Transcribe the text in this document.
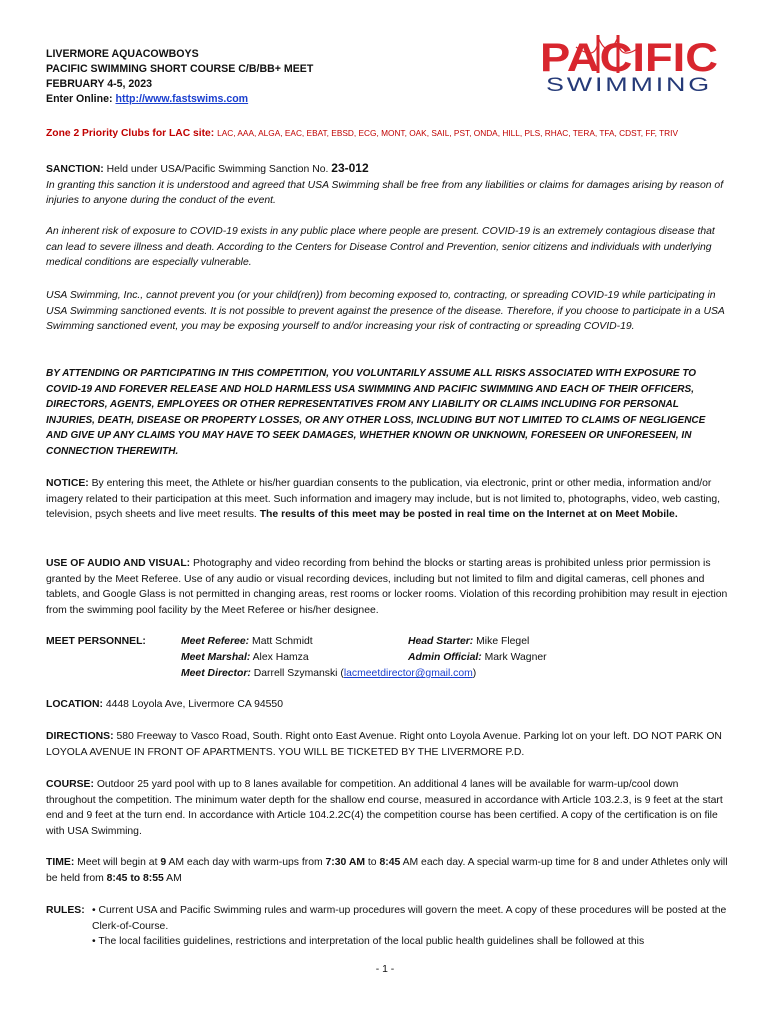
LIVERMORE AQUACOWBOYS
PACIFIC SWIMMING SHORT COURSE C/B/BB+ MEET
FEBRUARY 4-5, 2023
Enter Online: http://www.fastswims.com
PACIFIC
SWIMMING
Zone 2 Priority Clubs for LAC site: LAC, AAA, ALGA, EAC, EBAT, EBSD, ECG, MONT, OAK, SAIL, PST, ONDA, HILL, PLS, RHAC, TERA, TFA, CDST, FF, TRIV
SANCTION: Held under USA/Pacific Swimming Sanction No. 23-012
In granting this sanction it is understood and agreed that USA Swimming shall be free from any liabilities or claims for damages arising by reason of injuries to anyone during the conduct of the event.
An inherent risk of exposure to COVID-19 exists in any public place where people are present. COVID-19 is an extremely contagious disease that can lead to severe illness and death. According to the Centers for Disease Control and Prevention, senior citizens and individuals with underlying medical conditions are especially vulnerable.
USA Swimming, Inc., cannot prevent you (or your child(ren)) from becoming exposed to, contracting, or spreading COVID-19 while participating in USA Swimming sanctioned events. It is not possible to prevent against the presence of the disease. Therefore, if you choose to participate in a USA Swimming sanctioned event, you may be exposing yourself to and/or increasing your risk of contracting or spreading COVID-19.
BY ATTENDING OR PARTICIPATING IN THIS COMPETITION, YOU VOLUNTARILY ASSUME ALL RISKS ASSOCIATED WITH EXPOSURE TO COVID-19 AND FOREVER RELEASE AND HOLD HARMLESS USA SWIMMING AND PACIFIC SWIMMING AND EACH OF THEIR OFFICERS, DIRECTORS, AGENTS, EMPLOYEES OR OTHER REPRESENTATIVES FROM ANY LIABILITY OR CLAIMS INCLUDING FOR PERSONAL INJURIES, DEATH, DISEASE OR PROPERTY LOSSES, OR ANY OTHER LOSS, INCLUDING BUT NOT LIMITED TO CLAIMS OF NEGLIGENCE AND GIVE UP ANY CLAIMS YOU MAY HAVE TO SEEK DAMAGES, WHETHER KNOWN OR UNKNOWN, FORESEEN OR UNFORESEEN, IN CONNECTION THEREWITH.
NOTICE: By entering this meet, the Athlete or his/her guardian consents to the publication, via electronic, print or other media, information and/or imagery related to their participation at this meet. Such information and imagery may include, but is not limited to, photographs, video, web casting, television, psych sheets and live meet results. The results of this meet may be posted in real time on the Internet at on Meet Mobile.
USE OF AUDIO AND VISUAL: Photography and video recording from behind the blocks or starting areas is prohibited unless prior permission is granted by the Meet Referee. Use of any audio or visual recording devices, including but not limited to film and digital cameras, cell phones and tablets, and Google Glass is not permitted in changing areas, rest rooms or locker rooms. Violation of this recording prohibition may result in ejection from the swimming pool facility by the Meet Referee or his/her designee.
MEET PERSONNEL:	Meet Referee: Matt Schmidt
Meet Marshal: Alex Hamza
Head Starter: Mike Flegel
Admin Official: Mark Wagner
Meet Director: Darrell Szymanski (lacmeetdirector@gmail.com)
LOCATION: 4448 Loyola Ave, Livermore CA 94550
DIRECTIONS: 580 Freeway to Vasco Road, South. Right onto East Avenue. Right onto Loyola Avenue. Parking lot on your left. DO NOT PARK ON LOYOLA AVENUE IN FRONT OF APARTMENTS. YOU WILL BE TICKETED BY THE LIVERMORE P.D.
COURSE: Outdoor 25 yard pool with up to 8 lanes available for competition. An additional 4 lanes will be available for warm-up/cool down throughout the competition. The minimum water depth for the shallow end course, measured in accordance with Article 103.2.3, is 9 feet at the start end and 9 feet at the turn end. In accordance with Article 104.2.2C(4) the competition course has been certified. A copy of the certification is on file with USA Swimming.
TIME: Meet will begin at 9 AM each day with warm-ups from 7:30 AM to 8:45 AM each day. A special warm-up time for 8 and under Athletes only will be held from 8:45 to 8:55 AM
RULES: • Current USA and Pacific Swimming rules and warm-up procedures will govern the meet. A copy of these procedures will be posted at the Clerk-of-Course.
• The local facilities guidelines, restrictions and interpretation of the local public health guidelines shall be followed at this
- 1 -
